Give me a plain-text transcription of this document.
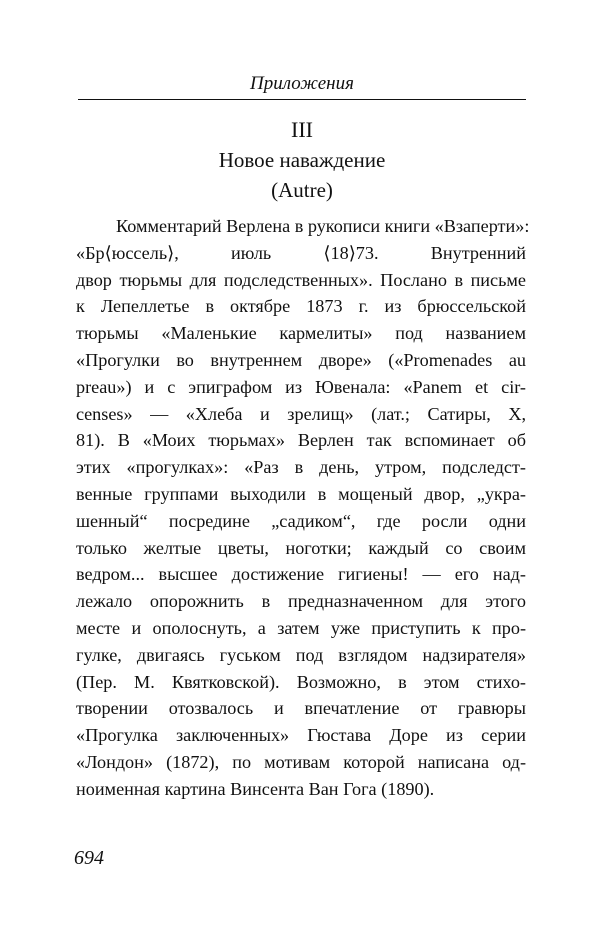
Приложения
III
Новое наваждение
(Autre)
Комментарий Верлена в рукописи книги «Взаперти»:
«Бр⟨юссель⟩, июль ⟨18⟩73. Внутренний
двор тюрьмы для подследственных». Послано в письме
к Лепеллетье в октябре 1873 г. из брюссельской
тюрьмы «Маленькие кармелиты» под названием
«Прогулки во внутреннем дворе» («Promenades au
preau») и с эпиграфом из Ювенала: «Panem et cir-
censes» — «Хлеба и зрелищ» (лат.; Сатиры, X,
81). В «Моих тюрьмах» Верлен так вспоминает об
этих «прогулках»: «Раз в день, утром, подследст-
венные группами выходили в мощеный двор, „укра-
шенный“ посредине „садиком“, где росли одни
только желтые цветы, ноготки; каждый со своим
ведром... высшее достижение гигиены! — его над-
лежало опорожнить в предназначенном для этого
месте и ополоснуть, а затем уже приступить к про-
гулке, двигаясь гуськом под взглядом надзирателя»
(Пер. М. Квятковской). Возможно, в этом стихо-
творении отозвалось и впечатление от гравюры
«Прогулка заключенных» Гюстава Доре из серии
«Лондон» (1872), по мотивам которой написана од-
ноименная картина Винсента Ван Гога (1890).
694
